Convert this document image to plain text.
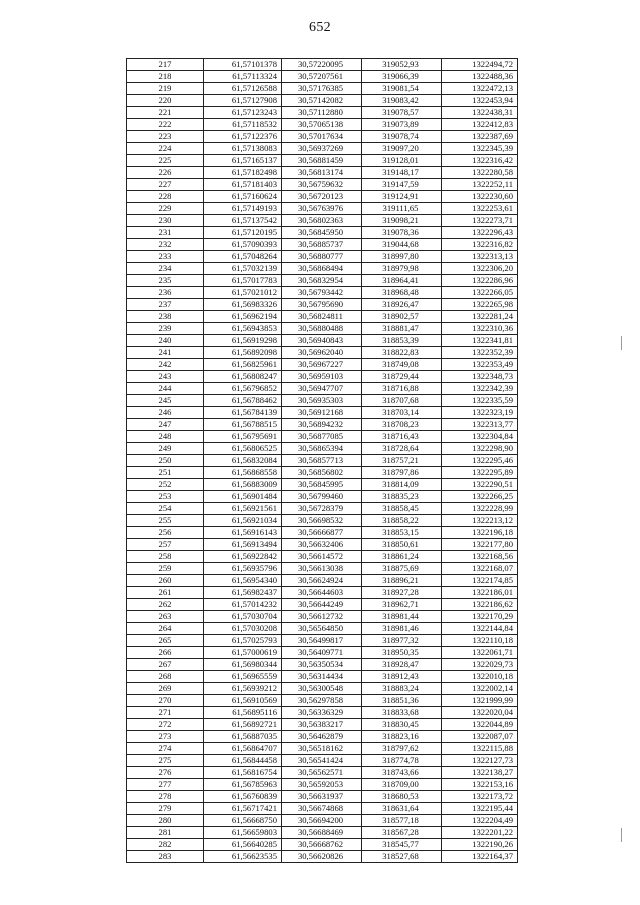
652
217	61,57101378	30,57220095	319052,93	1322494,72
218	61,57113324	30,57207561	319066,39	1322488,36
219	61,57126588	30,57176385	319081,54	1322472,13
220	61,57127908	30,57142082	319083,42	1322453,94
221	61,57123243	30,57112880	319078,57	1322438,31
222	61,57118532	30,57065138	319073,89	1322412,83
223	61,57122376	30,57017634	319078,74	1322387,69
224	61,57138083	30,56937269	319097,20	1322345,39
225	61,57165137	30,56881459	319128,01	1322316,42
226	61,57182498	30,56813174	319148,17	1322280,58
227	61,57181403	30,56759632	319147,59	1322252,11
228	61,57160624	30,56720123	319124,91	1322230,60
229	61,57149193	30,56763976	319111,65	1322253,61
230	61,57137542	30,56802363	319098,21	1322273,71
231	61,57120195	30,56845950	319078,36	1322296,43
232	61,57090393	30,56885737	319044,68	1322316,82
233	61,57048264	30,56880777	318997,80	1322313,13
234	61,57032139	30,56868494	318979,98	1322306,20
235	61,57017783	30,56832954	318964,41	1322286,96
236	61,57021012	30,56793442	318968,48	1322266,05
237	61,56983326	30,56795690	318926,47	1322265,98
238	61,56962194	30,56824811	318902,57	1322281,24
239	61,56943853	30,56880488	318881,47	1322310,36
240	61,56919298	30,56940843	318853,39	1322341,81
241	61,56892098	30,56962040	318822,83	1322352,39
242	61,56825961	30,56967227	318749,08	1322353,49
243	61,56808247	30,56959103	318729,44	1322348,73
244	61,56796852	30,56947707	318716,88	1322342,39
245	61,56788462	30,56935303	318707,68	1322335,59
246	61,56784139	30,56912168	318703,14	1322323,19
247	61,56788515	30,56894232	318708,23	1322313,77
248	61,56795691	30,56877085	318716,43	1322304,84
249	61,56806525	30,56865394	318728,64	1322298,90
250	61,56832084	30,56857713	318757,21	1322295,46
251	61,56868558	30,56856802	318797,86	1322295,89
252	61,56883009	30,56845995	318814,09	1322290,51
253	61,56901484	30,56799460	318835,23	1322266,25
254	61,56921561	30,56728379	318858,45	1322228,99
255	61,56921034	30,56698532	318858,22	1322213,12
256	61,56916143	30,56666877	318853,15	1322196,18
257	61,56913494	30,56632406	318850,61	1322177,80
258	61,56922842	30,56614572	318861,24	1322168,56
259	61,56935796	30,56613038	318875,69	1322168,07
260	61,56954340	30,56624924	318896,21	1322174,85
261	61,56982437	30,56644603	318927,28	1322186,01
262	61,57014232	30,56644249	318962,71	1322186,62
263	61,57030704	30,56612732	318981,44	1322170,29
264	61,57030208	30,56564850	318981,46	1322144,84
265	61,57025793	30,56499817	318977,32	1322110,18
266	61,57000619	30,56409771	318950,35	1322061,71
267	61,56980344	30,56350534	318928,47	1322029,73
268	61,56965559	30,56314434	318912,43	1322010,18
269	61,56939212	30,56300548	318883,24	1322002,14
270	61,56910569	30,56297858	318851,36	1321999,99
271	61,56895116	30,56336329	318833,68	1322020,04
272	61,56892721	30,56383217	318830,45	1322044,89
273	61,56887035	30,56462879	318823,16	1322087,07
274	61,56864707	30,56518162	318797,62	1322115,88
275	61,56844458	30,56541424	318774,78	1322127,73
276	61,56816754	30,56562571	318743,66	1322138,27
277	61,56785963	30,56592053	318709,00	1322153,16
278	61,56760839	30,56631937	318680,53	1322173,72
279	61,56717421	30,56674868	318631,64	1322195,44
280	61,56668750	30,56694200	318577,18	1322204,49
281	61,56659803	30,56688469	318567,28	1322201,22
282	61,56640285	30,56668762	318545,77	1322190,26
283	61,56623535	30,56620826	318527,68	1322164,37
